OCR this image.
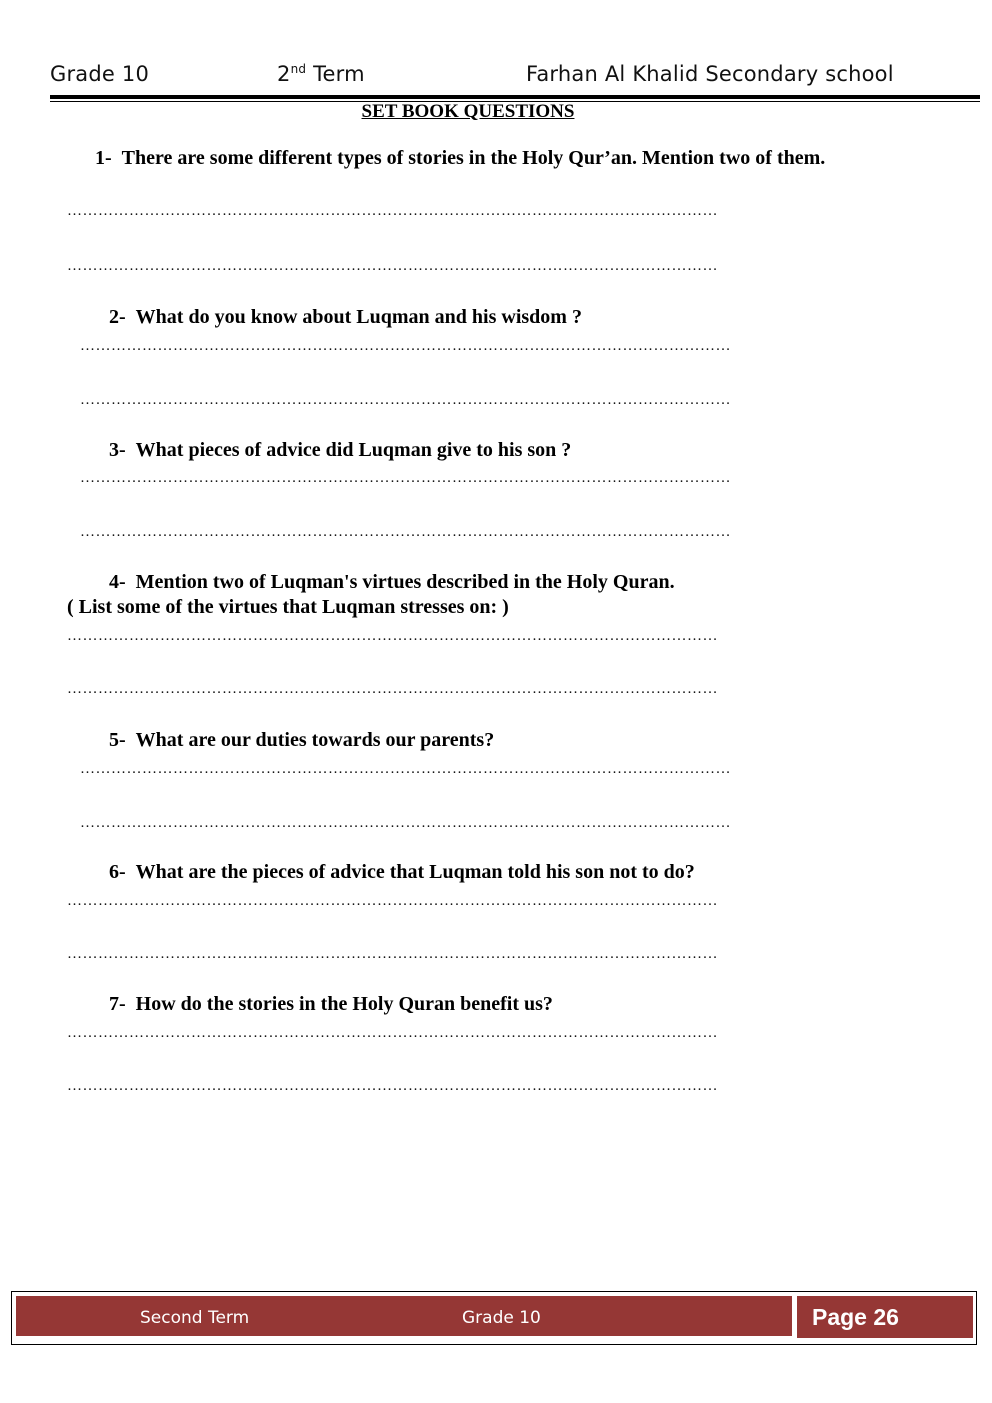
Grade 10	2nd Term	Farhan Al Khalid Secondary school
SET BOOK QUESTIONS
1- There are some different types of stories in the Holy Qur’an. Mention two of them.
………………………………………………………………………………………………………………
………………………………………………………………………………………………………………
2- What do you know about Luqman and his wisdom ?
………………………………………………………………………………………………………………
………………………………………………………………………………………………………………
3- What pieces of advice did Luqman give to his son ?
………………………………………………………………………………………………………………
………………………………………………………………………………………………………………
4- Mention two of Luqman's virtues described in the Holy Quran.
( List some of the virtues that Luqman stresses on: )
………………………………………………………………………………………………………………
………………………………………………………………………………………………………………
5- What are our duties towards our parents?
………………………………………………………………………………………………………………
………………………………………………………………………………………………………………
6- What are the pieces of advice that Luqman told his son not to do?
………………………………………………………………………………………………………………
………………………………………………………………………………………………………………
7- How do the stories in the Holy Quran benefit us?
………………………………………………………………………………………………………………
………………………………………………………………………………………………………………
Second Term	Grade 10	Page 26
